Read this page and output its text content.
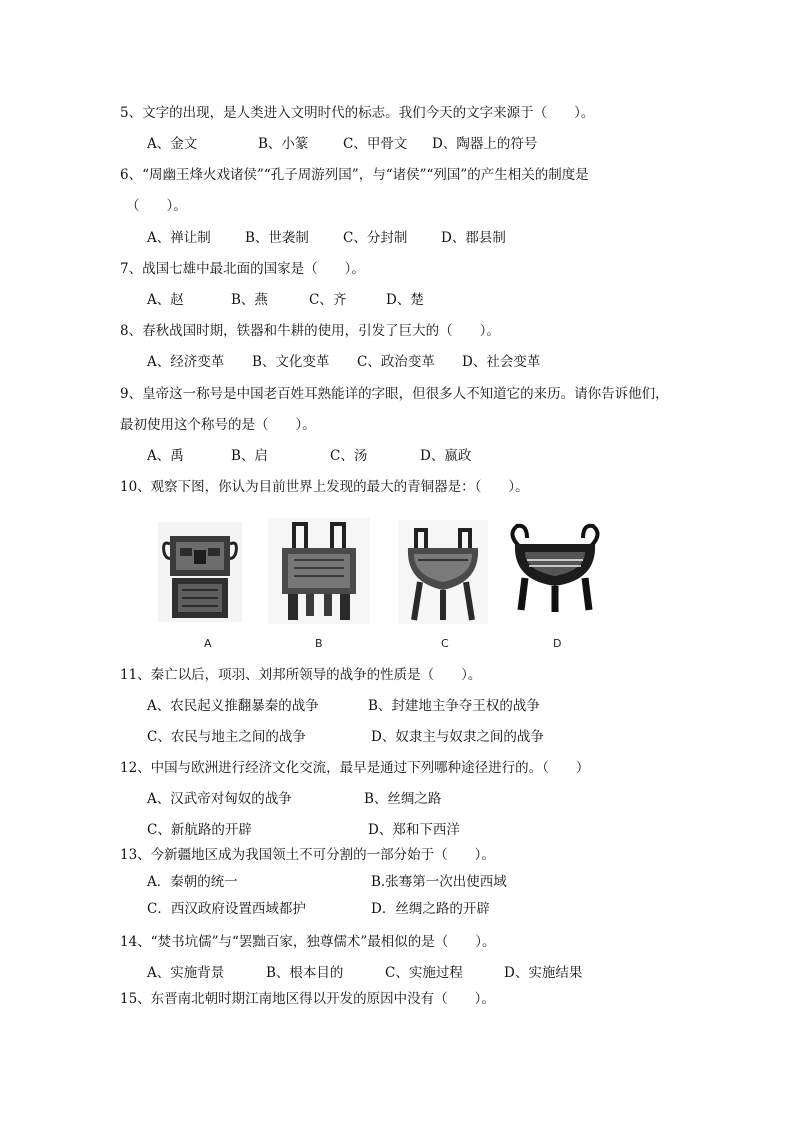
5、文字的出现，是人类进入文明时代的标志。我们今天的文字来源于（　　）。
A、金文	B、小篆	C、甲骨文 D、陶器上的符号
6、“周幽王烽火戏诸侯”“孔子周游列国”，与“诸侯”“列国”的产生相关的制度是
（　　）。
A、禅让制	B、世袭制	C、分封制 D、郡县制
7、战国七雄中最北面的国家是（　　）。
A、赵	B、燕	C、齐	D、楚
8、春秋战国时期，铁器和牛耕的使用，引发了巨大的（　　）。
A、经济变革 B、文化变革 C、政治变革 D、社会变革
9、皇帝这一称号是中国老百姓耳熟能详的字眼，但很多人不知道它的来历。请你告诉他们，
最初使用这个称号的是（　　）。
A、禹	B、启	C、汤	D、嬴政
10、观察下图，你认为目前世界上发现的最大的青铜器是：（　　）。
A	B	C	D
11、秦亡以后，项羽、刘邦所领导的战争的性质是（　　）。
A、农民起义推翻暴秦的战争	B、封建地主争夺王权的战争
C、农民与地主之间的战争	D、奴隶主与奴隶之间的战争
12、中国与欧洲进行经济文化交流，最早是通过下列哪种途径进行的。（　　）
A、汉武帝对匈奴的战争	B、丝绸之路
C、新航路的开辟	D、郑和下西洋
13、今新疆地区成为我国领土不可分割的一部分始于（　　）。
A．秦朝的统一	B.张骞第一次出使西域
C．西汉政府设置西域都护	D．丝绸之路的开辟
14、“焚书坑儒”与“罢黜百家，独尊儒术”最相似的是（　　）。
A、实施背景	B、根本目的	C、实施过程	D、实施结果
15、东晋南北朝时期江南地区得以开发的原因中没有（　　）。
